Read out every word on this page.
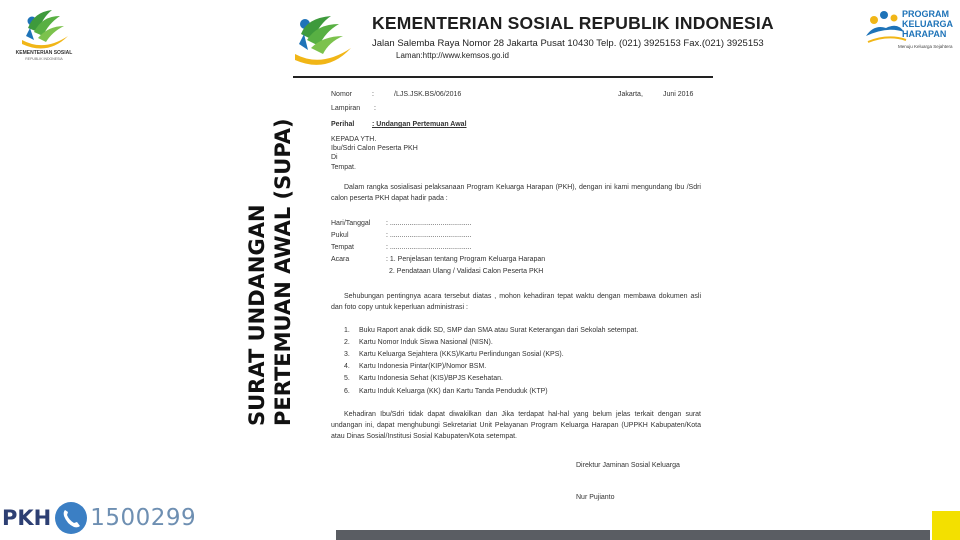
KEMENTERIAN SOSIAL
REPUBLIK INDONESIA
SURAT UNDANGAN PERTEMUAN AWAL (SUPA)
PKH 1500299
KEMENTERIAN SOSIAL REPUBLIK INDONESIA
Jalan Salemba Raya Nomor 28 Jakarta Pusat 10430 Telp. (021) 3925153 Fax.(021) 3925153
Laman:http://www.kemsos.go.id
Nomor	:	/LJS.JSK.BS/06/2016	Jakarta,	Juni 2016
Lampiran :
Perihal	: Undangan Pertemuan Awal
KEPADA YTH.
Ibu/Sdri Calon Peserta PKH
Di
Tempat.
Dalam rangka sosialisasi pelaksanaan Program Keluarga Harapan (PKH), dengan ini kami mengundang Ibu /Sdri calon peserta PKH dapat hadir pada :
Hari/Tanggal : ..........................................
Pukul	: ..........................................
Tempat	: ..........................................
Acara	: 1. Penjelasan tentang Program Keluarga Harapan
2. Pendataan Ulang / Validasi Calon Peserta PKH
Sehubungan pentingnya acara tersebut diatas , mohon kehadiran tepat waktu dengan membawa dokumen asli dan foto copy untuk keperluan administrasi :
1. Buku Raport anak didik SD, SMP dan SMA atau Surat Keterangan dari Sekolah setempat.
2. Kartu Nomor Induk Siswa Nasional (NISN).
3. Kartu Keluarga Sejahtera (KKS)/Kartu Perlindungan Sosial (KPS).
4. Kartu Indonesia Pintar(KIP)/Nomor BSM.
5. Kartu Indonesia Sehat (KIS)/BPJS Kesehatan.
6. Kartu Induk Keluarga (KK) dan Kartu Tanda Penduduk (KTP)
Kehadiran Ibu/Sdri tidak dapat diwakilkan dan Jika terdapat hal-hal yang belum jelas terkait dengan surat undangan ini, dapat menghubungi Sekretariat Unit Pelayanan Program Keluarga Harapan (UPPKH Kabupaten/Kota atau Dinas Sosial/Institusi Sosial Kabupaten/Kota setempat.
Direktur Jaminan Sosial Keluarga
Nur Pujianto
PROGRAM
KELUARGA
HARAPAN
Menuju Keluarga Sejahtera
